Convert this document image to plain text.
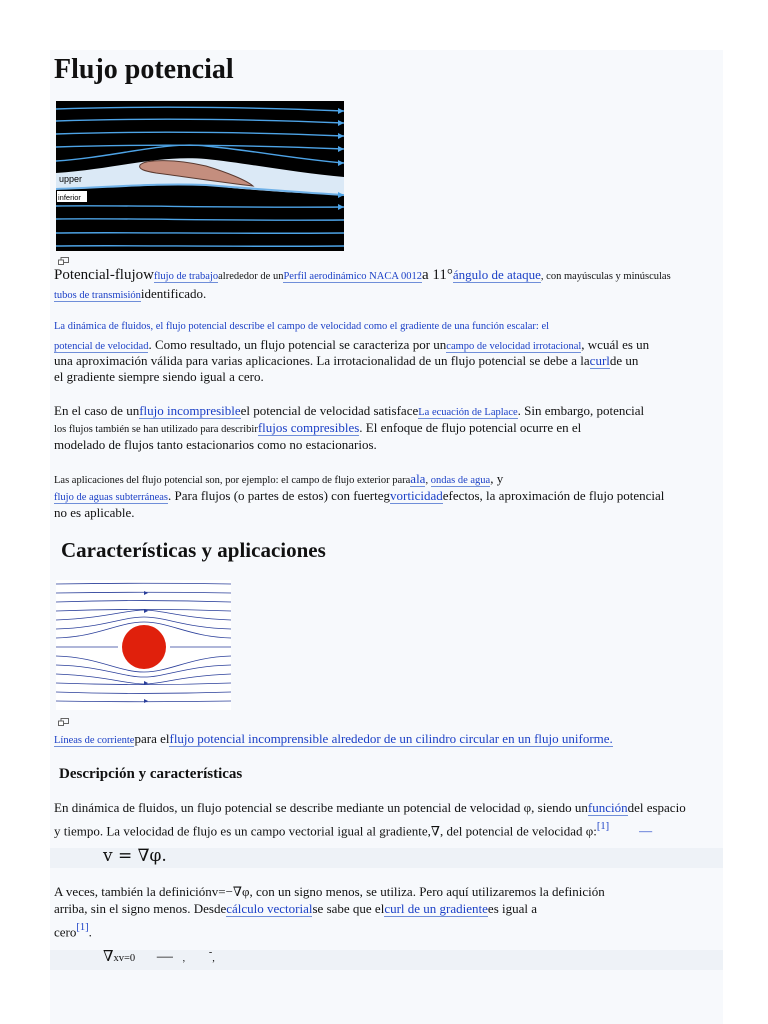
Flujo potencial
upper
inferior
Potencial-flujowflujo de trabajoalrededor de unPerfil aerodinámico NACA 0012a 11°ángulo de ataque, con mayúsculas y minúsculas
tubos de transmisiónidentificado.
La dinámica de fluidos, el flujo potencial describe el campo de velocidad como el gradiente de una función escalar: el
potencial de velocidad. Como resultado, un flujo potencial se caracteriza por uncampo de velocidad irrotacional, wcuál es un
una aproximación válida para varias aplicaciones. La irrotacionalidad de un flujo potencial se debe a lacurlde un
el gradiente siempre siendo igual a cero.
En el caso de unflujo incompresibleel potencial de velocidad satisfaceLa ecuación de Laplace. Sin embargo, potencial
los flujos también se han utilizado para describirflujos compresibles. El enfoque de flujo potencial ocurre en el
modelado de flujos tanto estacionarios como no estacionarios.
Las aplicaciones del flujo potencial son, por ejemplo: el campo de flujo exterior paraala, ondas de agua, y
flujo de aguas subterráneas. Para flujos (o partes de estos) con fuertegvorticidadefectos, la aproximación de flujo potencial
no es aplicable.
Características y aplicaciones
Líneas de corrientepara elflujo potencial incomprensible alrededor de un cilindro circular en un flujo uniforme.
Descripción y características
En dinámica de fluidos, un flujo potencial se describe mediante un potencial de velocidad φ, siendo unfuncióndel espacio
y tiempo. La velocidad de flujo es un campo vectorial igual al gradiente,∇, del potencial de velocidad φ:[1] —
v = ∇φ.
A veces, también la definiciónv=−∇φ, con un signo menos, se utiliza. Pero aquí utilizaremos la definición
arriba, sin el signo menos. Desdecálculo vectorialse sabe que elcurl de un gradientees igual a
cero[1].
∇xv=0 — , -,
